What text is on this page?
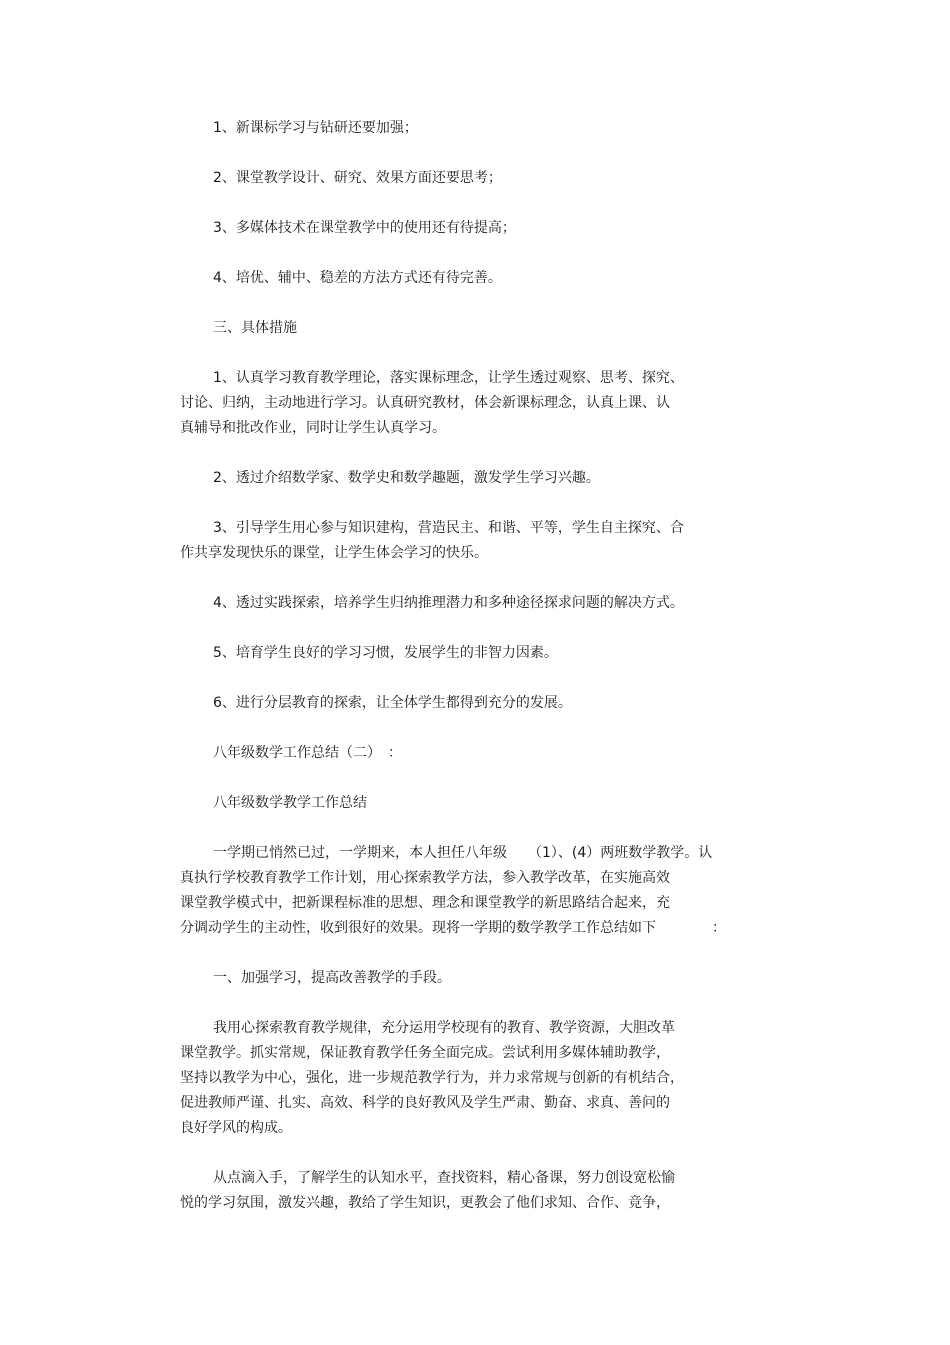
1、新课标学习与钻研还要加强；

2、课堂教学设计、研究、效果方面还要思考；

3、多媒体技术在课堂教学中的使用还有待提高；

4、培优、辅中、稳差的方法方式还有待完善。

三、具体措施

1、认真学习教育教学理论，落实课标理念，让学生透过观察、思考、探究、
讨论、归纳，主动地进行学习。认真研究教材，体会新课标理念，认真上课、认
真辅导和批改作业，同时让学生认真学习。

2、透过介绍数学家、数学史和数学趣题，激发学生学习兴趣。

3、引导学生用心参与知识建构，营造民主、和谐、平等，学生自主探究、合
作共享发现快乐的课堂，让学生体会学习的快乐。

4、透过实践探索，培养学生归纳推理潜力和多种途径探求问题的解决方式。

5、培育学生良好的学习习惯，发展学生的非智力因素。

6、进行分层教育的探索，让全体学生都得到充分的发展。

八年级数学工作总结（二）　：

八年级数学教学工作总结

一学期已悄然已过，一学期来，本人担任八年级　　（1）、(4）两班数学教学。认
真执行学校教育教学工作计划，用心探索教学方法，参入教学改革，在实施高效
课堂教学模式中，把新课程标准的思想、理念和课堂教学的新思路结合起来，充
分调动学生的主动性，收到很好的效果。现将一学期的数学教学工作总结如下　　　　：

一、加强学习，提高改善教学的手段。

我用心探索教育教学规律，充分运用学校现有的教育、教学资源，大胆改革
课堂教学。抓实常规，保证教育教学任务全面完成。尝试利用多媒体辅助教学，
坚持以教学为中心，强化，进一步规范教学行为，并力求常规与创新的有机结合，
促进教师严谨、扎实、高效、科学的良好教风及学生严肃、勤奋、求真、善问的
良好学风的构成。

从点滴入手，了解学生的认知水平，查找资料，精心备课，努力创设宽松愉
悦的学习氛围，激发兴趣，教给了学生知识，更教会了他们求知、合作、竞争，
